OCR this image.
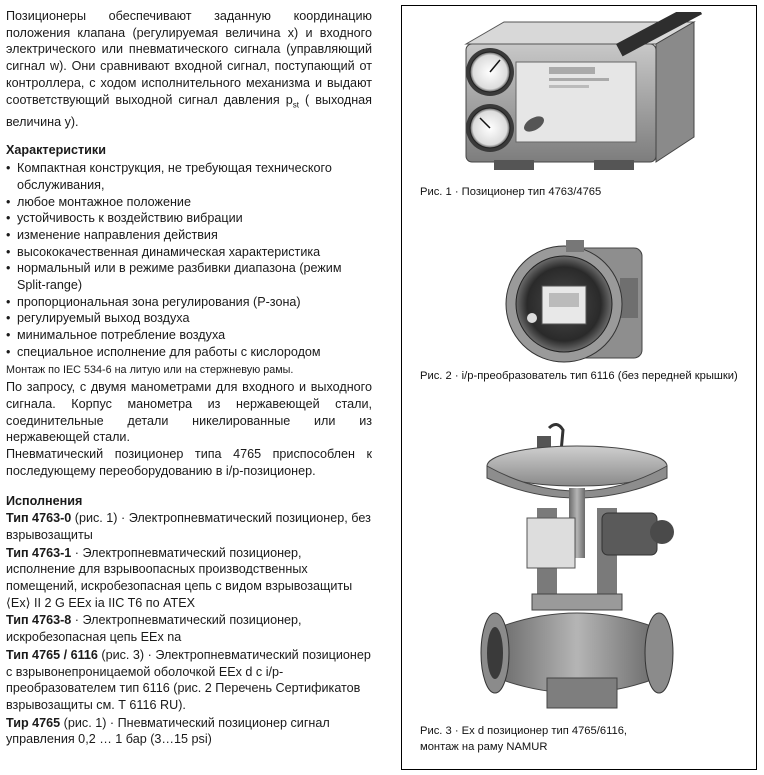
Позиционеры обеспечивают заданную координацию положения клапана (регулируемая величина x) и входного электрического или пневматического сигнала (управляющий сигнал w). Они сравнивают входной сигнал, поступающий от контроллера, с ходом исполнительного механизма и выдают соответствующий выходной сигнал давления $p_{st}$ ( выходная величина y).

Характеристики
• Компактная конструкция, не требующая технического обслуживания,
• любое монтажное положение
• устойчивость к воздействию вибрации
• изменение направления действия
• высококачественная динамическая характеристика
• нормальный или в режиме разбивки диапазона (режим Split-range)
• пропорциональная зона регулирования (Р-зона)
• регулируемый выход воздуха
• минимальное потребление воздуха
• специальное исполнение для работы с кислородом
Монтаж по IEC 534-6 на литую или на стержневую рамы.

По запросу, с двумя манометрами для входного и выходного сигнала. Корпус манометра из нержавеющей стали, соединительные детали никелированные или из нержавеющей стали.

Пневматический позиционер типа 4765 приспособлен к последующему переоборудованию в i/p-позиционер.

Исполнения
Тип 4763-0 (рис. 1) · Электропневматический позиционер, без взрывозащиты
Тип 4763-1 · Электропневматический позиционер, исполнение для взрывоопасных производственных помещений, искробезопасная цепь с видом взрывозащиты ⟨Ex⟩ II 2 G EEx ia IIC T6 по ATEX
Тип 4763-8 · Электропневматический позиционер, искробезопасная цепь EEx na
Тип 4765 / 6116 (рис. 3) · Электропневматический позиционер с взрывонепроницаемой оболочкой EEx d с i/p-преобразователем тип 6116 (рис. 2 Перечень Сертификатов взрывозащиты см. Т 6116 RU).
Тир 4765 (рис. 1) · Пневматический позиционер сигнал управления 0,2 … 1 бар (3…15 psi)
Рис. 1 · Позиционер тип 4763/4765
Рис. 2 · i/p-преобразователь тип 6116 (без передней крышки)
Рис. 3 · Ex d позиционер тип 4765/6116, монтаж на раму NAMUR
